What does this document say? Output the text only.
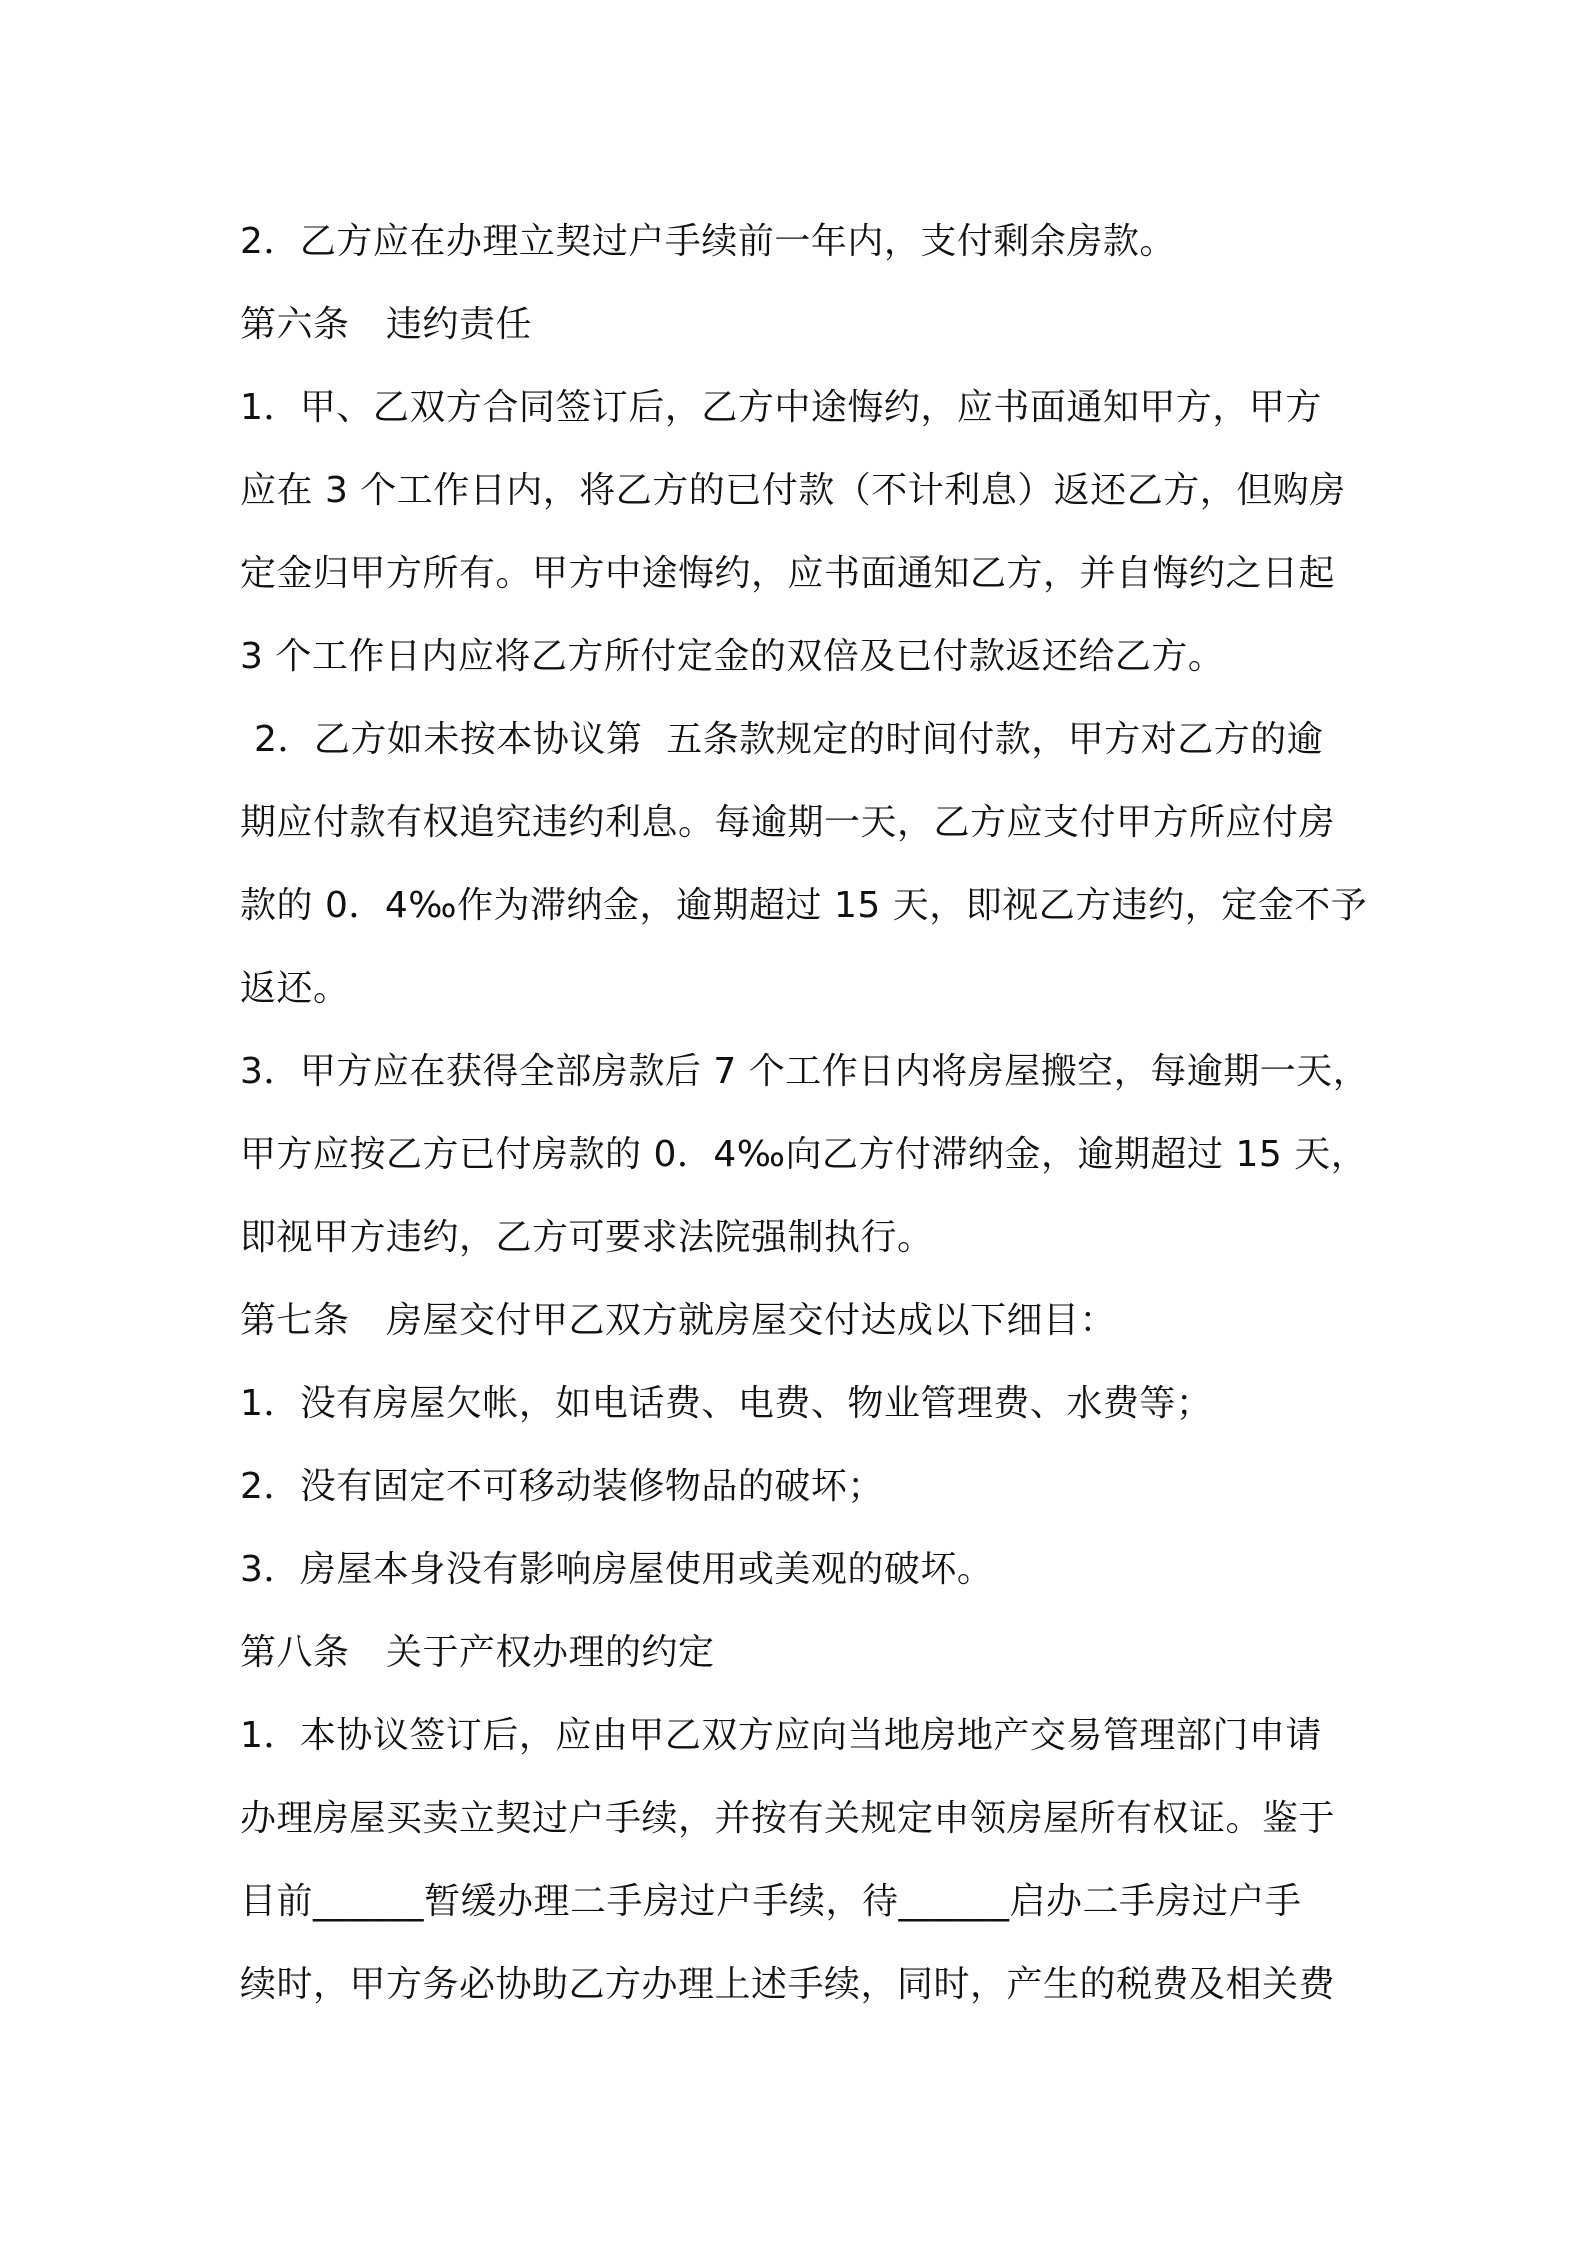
2．乙方应在办理立契过户手续前一年内，支付剩余房款。
第六条　违约责任
1．甲、乙双方合同签订后，乙方中途悔约，应书面通知甲方，甲方
应在 3 个工作日内，将乙方的已付款（不计利息）返还乙方，但购房
定金归甲方所有。甲方中途悔约，应书面通知乙方，并自悔约之日起
3 个工作日内应将乙方所付定金的双倍及已付款返还给乙方。
2．乙方如未按本协议第  五条款规定的时间付款，甲方对乙方的逾
期应付款有权追究违约利息。每逾期一天，乙方应支付甲方所应付房
款的 0．4‰作为滞纳金，逾期超过 15 天，即视乙方违约，定金不予
返还。
3．甲方应在获得全部房款后 7 个工作日内将房屋搬空，每逾期一天，
甲方应按乙方已付房款的 0．4‰向乙方付滞纳金，逾期超过 15 天，
即视甲方违约，乙方可要求法院强制执行。
第七条　房屋交付甲乙双方就房屋交付达成以下细目：
1．没有房屋欠帐，如电话费、电费、物业管理费、水费等；
2．没有固定不可移动装修物品的破坏；
3．房屋本身没有影响房屋使用或美观的破坏。
第八条　关于产权办理的约定
1．本协议签订后，应由甲乙双方应向当地房地产交易管理部门申请
办理房屋买卖立契过户手续，并按有关规定申领房屋所有权证。鉴于
目前______暂缓办理二手房过户手续，待______启办二手房过户手
续时，甲方务必协助乙方办理上述手续，同时，产生的税费及相关费
